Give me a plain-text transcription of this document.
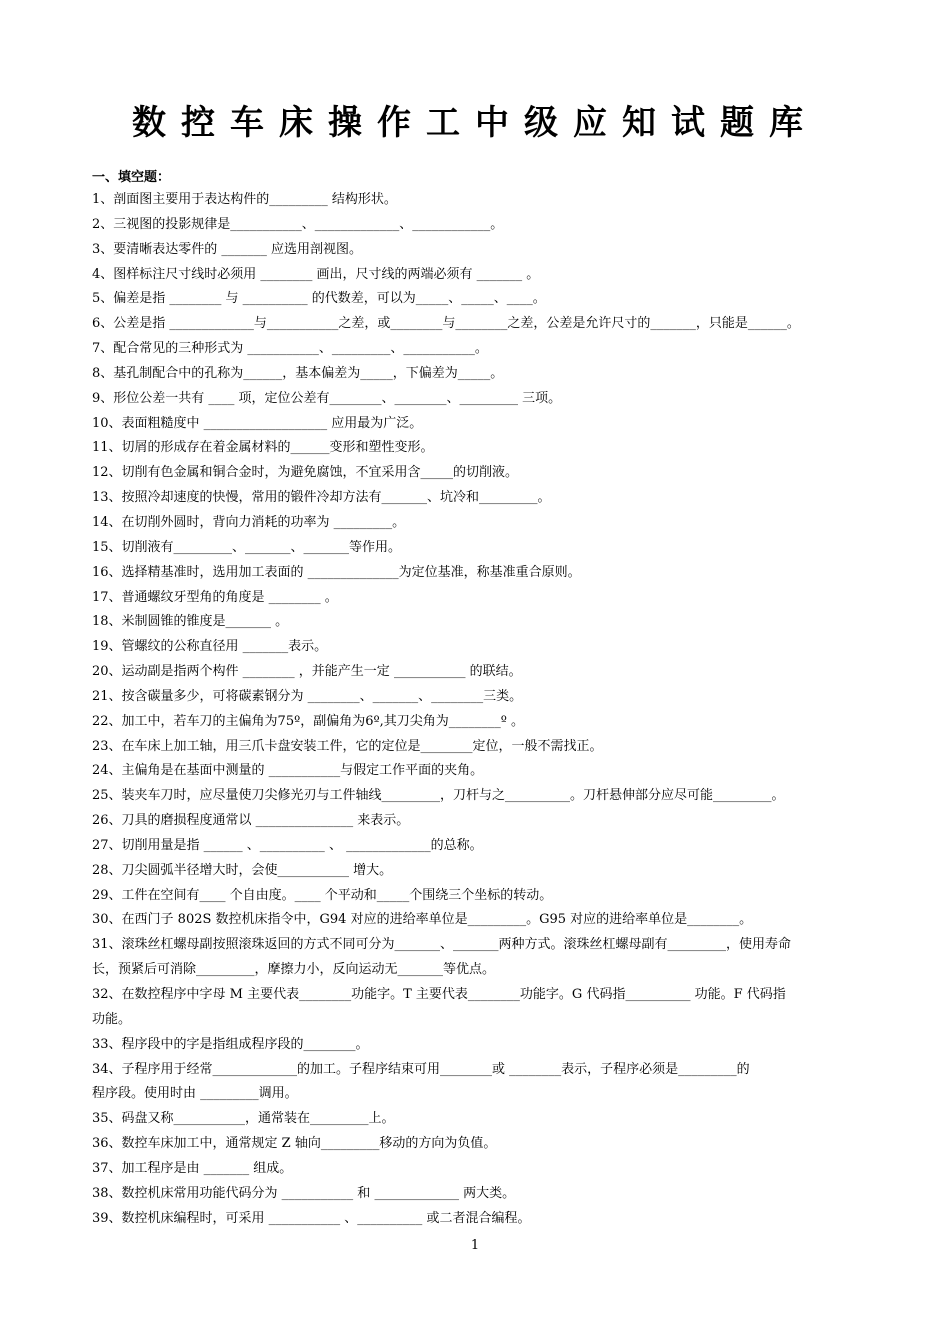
数控车床操作工中级应知试题库
一、填空题：
1、剖面图主要用于表达构件的_________ 结构形状。
2、三视图的投影规律是___________、_____________、____________。
3、要清晰表达零件的 _______ 应选用剖视图。
4、图样标注尺寸线时必须用 ________ 画出，尺寸线的两端必须有 _______ 。
5、偏差是指 ________ 与 __________ 的代数差，可以为_____、_____、____。
6、公差是指 _____________与___________之差，或________与________之差，公差是允许尺寸的_______，只能是______。
7、配合常见的三种形式为 ___________、_________、___________。
8、基孔制配合中的孔称为______，基本偏差为_____，下偏差为_____。
9、形位公差一共有 ____ 项，定位公差有________、________、_________ 三项。
10、表面粗糙度中 ___________________ 应用最为广泛。
11、切屑的形成存在着金属材料的______变形和塑性变形。
12、切削有色金属和铜合金时，为避免腐蚀，不宜采用含_____的切削液。
13、按照冷却速度的快慢，常用的锻件冷却方法有_______、坑冷和_________。
14、在切削外圆时，背向力消耗的功率为 _________。
15、切削液有_________、_______、_______等作用。
16、选择精基准时，选用加工表面的 ______________为定位基准，称基准重合原则。
17、普通螺纹牙型角的角度是 ________ 。
18、米制圆锥的锥度是_______ 。
19、管螺纹的公称直径用 _______表示。
20、运动副是指两个构件 ________ ，并能产生一定 ___________ 的联结。
21、按含碳量多少，可将碳素钢分为 ________、_______、________三类。
22、加工中，若车刀的主偏角为75º，副偏角为6º,其刀尖角为________º 。
23、在车床上加工轴，用三爪卡盘安装工件，它的定位是________定位，一般不需找正。
24、主偏角是在基面中测量的 ___________与假定工作平面的夹角。
25、装夹车刀时，应尽量使刀尖修光刃与工件轴线_________，刀杆与之__________。刀杆悬伸部分应尽可能_________。
26、刀具的磨损程度通常以 _______________ 来表示。
27、切削用量是指 ______ 、__________ 、 _____________的总称。
28、刀尖圆弧半径增大时，会使___________ 增大。
29、工件在空间有____ 个自由度。____ 个平动和_____个围绕三个坐标的转动。
30、在西门子 802S 数控机床指令中，G94 对应的进给率单位是_________。G95 对应的进给率单位是________。
31、滚珠丝杠螺母副按照滚珠返回的方式不同可分为_______、_______两种方式。滚珠丝杠螺母副有_________，使用寿命
长，预紧后可消除_________，摩擦力小，反向运动无_______等优点。
32、在数控程序中字母 M 主要代表________功能字。T 主要代表________功能字。G 代码指__________ 功能。F 代码指
功能。
33、程序段中的字是指组成程序段的________。
34、子程序用于经常_____________的加工。子程序结束可用________或 ________表示，子程序必须是_________的
程序段。使用时由 _________调用。
35、码盘又称___________，通常装在_________上。
36、数控车床加工中，通常规定 Z 轴向_________移动的方向为负值。
37、加工程序是由 _______ 组成。
38、数控机床常用功能代码分为 ___________ 和 _____________ 两大类。
39、数控机床编程时，可采用 ___________ 、__________ 或二者混合编程。
1
